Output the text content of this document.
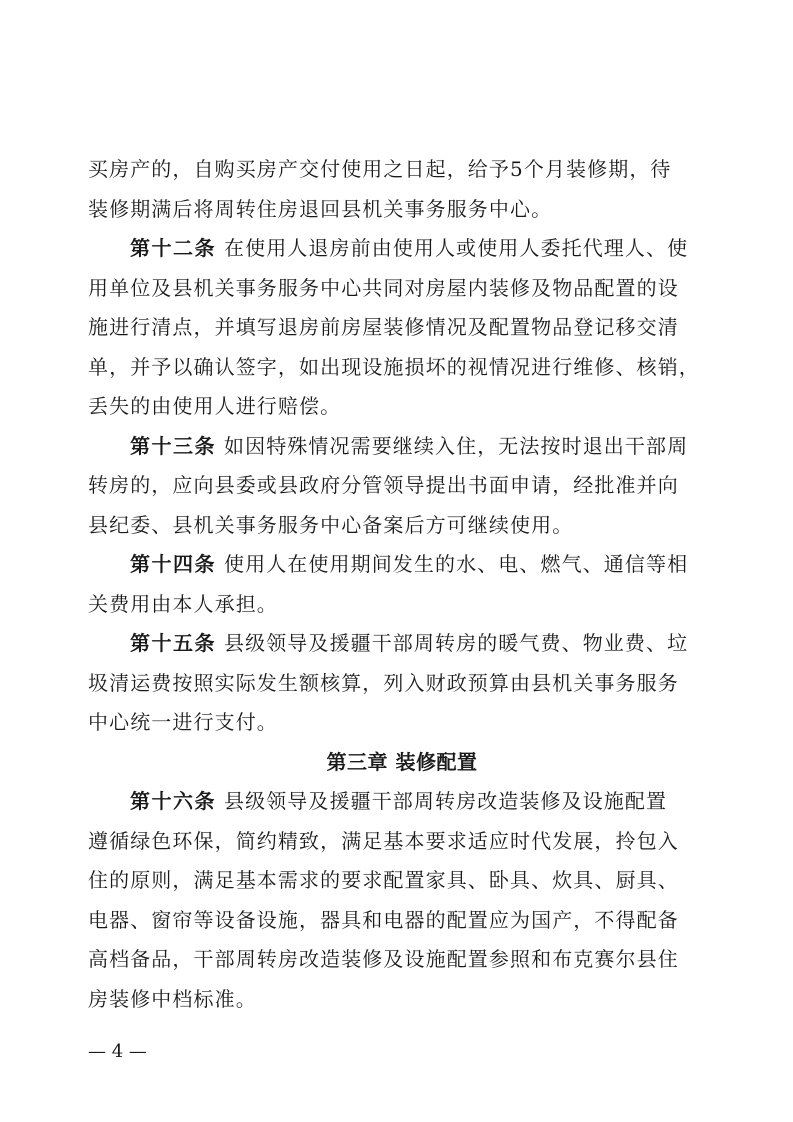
买房产的，自购买房产交付使用之日起，给予5个月装修期，待
装修期满后将周转住房退回县机关事务服务中心。
第十二条 在使用人退房前由使用人或使用人委托代理人、使
用单位及县机关事务服务中心共同对房屋内装修及物品配置的设
施进行清点，并填写退房前房屋装修情况及配置物品登记移交清
单，并予以确认签字，如出现设施损坏的视情况进行维修、核销，
丢失的由使用人进行赔偿。
第十三条 如因特殊情况需要继续入住，无法按时退出干部周
转房的，应向县委或县政府分管领导提出书面申请，经批准并向
县纪委、县机关事务服务中心备案后方可继续使用。
第十四条 使用人在使用期间发生的水、电、燃气、通信等相
关费用由本人承担。
第十五条 县级领导及援疆干部周转房的暖气费、物业费、垃
圾清运费按照实际发生额核算，列入财政预算由县机关事务服务
中心统一进行支付。
第三章 装修配置
第十六条 县级领导及援疆干部周转房改造装修及设施配置
遵循绿色环保，简约精致，满足基本要求适应时代发展，拎包入
住的原则，满足基本需求的要求配置家具、卧具、炊具、厨具、
电器、窗帘等设备设施，器具和电器的配置应为国产，不得配备
高档备品，干部周转房改造装修及设施配置参照和布克赛尔县住
房装修中档标准。
— 4 —
